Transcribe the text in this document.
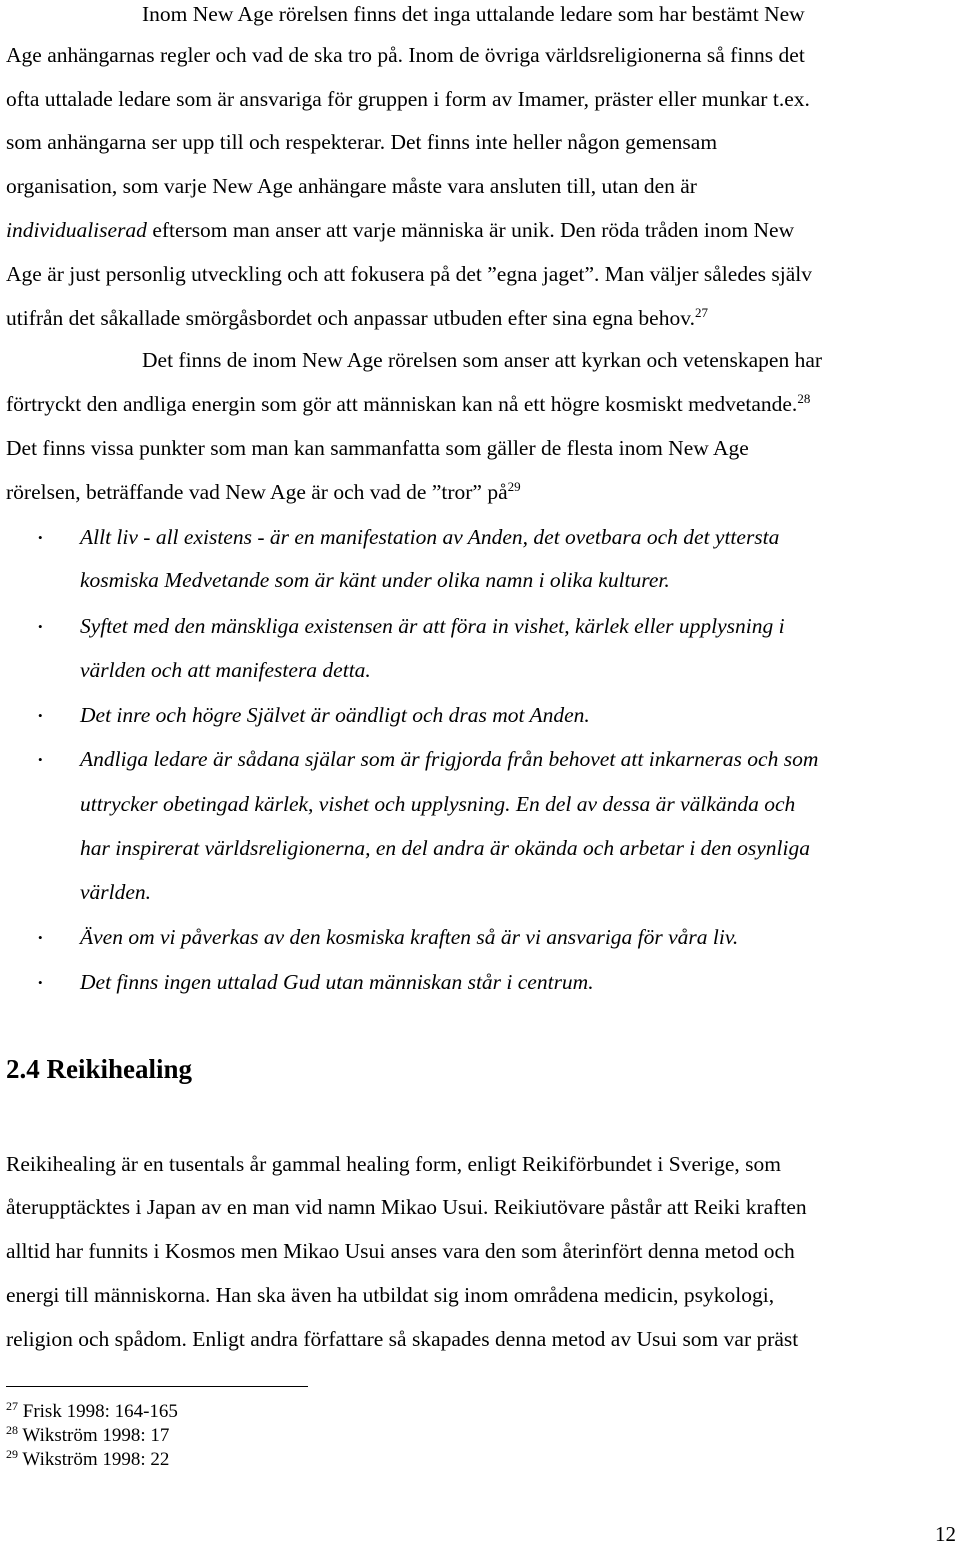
Inom New Age rörelsen finns det inga uttalande ledare som har bestämt New
Age anhängarnas regler och vad de ska tro på. Inom de övriga världsreligionerna så finns det
ofta uttalade ledare som är ansvariga för gruppen i form av Imamer, präster eller munkar t.ex.
som anhängarna ser upp till och respekterar. Det finns inte heller någon gemensam
organisation, som varje New Age anhängare måste vara ansluten till, utan den är
individualiserad eftersom man anser att varje människa är unik. Den röda tråden inom New
Age är just personlig utveckling och att fokusera på det ”egna jaget”. Man väljer således själv
utifrån det såkallade smörgåsbordet och anpassar utbuden efter sina egna behov.$^{27}$
Det finns de inom New Age rörelsen som anser att kyrkan och vetenskapen har
förtryckt den andliga energin som gör att människan kan nå ett högre kosmiskt medvetande.$^{28}$
Det finns vissa punkter som man kan sammanfatta som gäller de flesta inom New Age
rörelsen, beträffande vad New Age är och vad de ”tror” $på^{29}$
• Allt liv - all existens - är en manifestation av Anden, det ovetbara och det yttersta
kosmiska Medvetande som är känt under olika namn i olika kulturer.
• Syftet med den mänskliga existensen är att föra in vishet, kärlek eller upplysning i
världen och att manifestera detta.
• Det inre och högre Självet är oändligt och dras mot Anden.
• Andliga ledare är sådana själar som är frigjorda från behovet att inkarneras och som
uttrycker obetingad kärlek, vishet och upplysning. En del av dessa är välkända och
har inspirerat världsreligionerna, en del andra är okända och arbetar i den osynliga
världen.
• Även om vi påverkas av den kosmiska kraften så är vi ansvariga för våra liv.
• Det finns ingen uttalad Gud utan människan står i centrum.
2.4 Reikihealing
Reikihealing är en tusentals år gammal healing form, enligt Reikiförbundet i Sverige, som
återupptäcktes i Japan av en man vid namn Mikao Usui. Reikiutövare påstår att Reiki kraften
alltid har funnits i Kosmos men Mikao Usui anses vara den som återinfört denna metod och
energi till människorna. Han ska även ha utbildat sig inom områdena medicin, psykologi,
religion och spådom. Enligt andra författare så skapades denna metod av Usui som var präst
$^{27}$ Frisk 1998: 164-165
$^{28}$ Wikström 1998: 17
$^{29}$ Wikström 1998: 22
12
